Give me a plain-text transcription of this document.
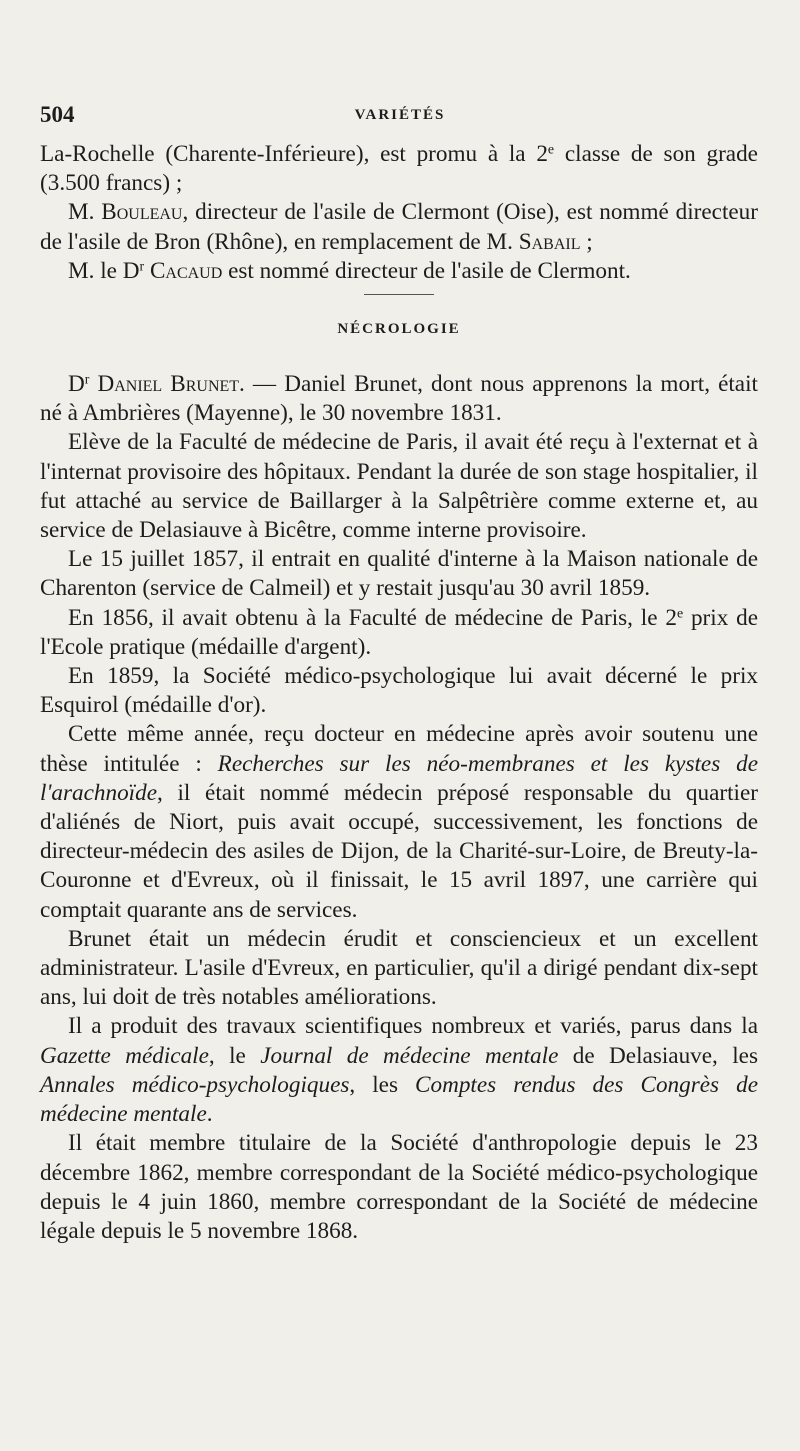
504	VARIÉTÉS

La-Rochelle (Charente-Inférieure), est promu à la 2e classe de son grade (3.500 francs) ;

M. Bouleau, directeur de l'asile de Clermont (Oise), est nommé directeur de l'asile de Bron (Rhône), en remplacement de M. Sabail ;

M. le $D^r$ Cacaud est nommé directeur de l'asile de Clermont.

NÉCROLOGIE

$D^r$ Daniel Brunet. — Daniel Brunet, dont nous apprenons la mort, était né à Ambrières (Mayenne), le 30 novembre 1831.

Elève de la Faculté de médecine de Paris, il avait été reçu à l'externat et à l'internat provisoire des hôpitaux. Pendant la durée de son stage hospitalier, il fut attaché au service de Baillarger à la Salpêtrière comme externe et, au service de Delasiauve à Bicêtre, comme interne provisoire.

Le 15 juillet 1857, il entrait en qualité d'interne à la Maison nationale de Charenton (service de Calmeil) et y restait jusqu'au 30 avril 1859.

En 1856, il avait obtenu à la Faculté de médecine de Paris, le 2e prix de l'Ecole pratique (médaille d'argent).

En 1859, la Société médico-psychologique lui avait décerné le prix Esquirol (médaille d'or).

Cette même année, reçu docteur en médecine après avoir soutenu une thèse intitulée : Recherches sur les néo-membranes et les kystes de l'arachnoïde, il était nommé médecin préposé responsable du quartier d'aliénés de Niort, puis avait occupé, successivement, les fonctions de directeur-médecin des asiles de Dijon, de la Charité-sur-Loire, de Breuty-la-Couronne et d'Evreux, où il finissait, le 15 avril 1897, une carrière qui comptait quarante ans de services.

Brunet était un médecin érudit et consciencieux et un excellent administrateur. L'asile d'Evreux, en particulier, qu'il a dirigé pendant dix-sept ans, lui doit de très notables améliorations.

Il a produit des travaux scientifiques nombreux et variés, parus dans la Gazette médicale, le Journal de médecine mentale de Delasiauve, les Annales médico-psychologiques, les Comptes rendus des Congrès de médecine mentale.

Il était membre titulaire de la Société d'anthropologie depuis le 23 décembre 1862, membre correspondant de la Société médico-psychologique depuis le 4 juin 1860, membre correspondant de la Société de médecine légale depuis le 5 novembre 1868.
